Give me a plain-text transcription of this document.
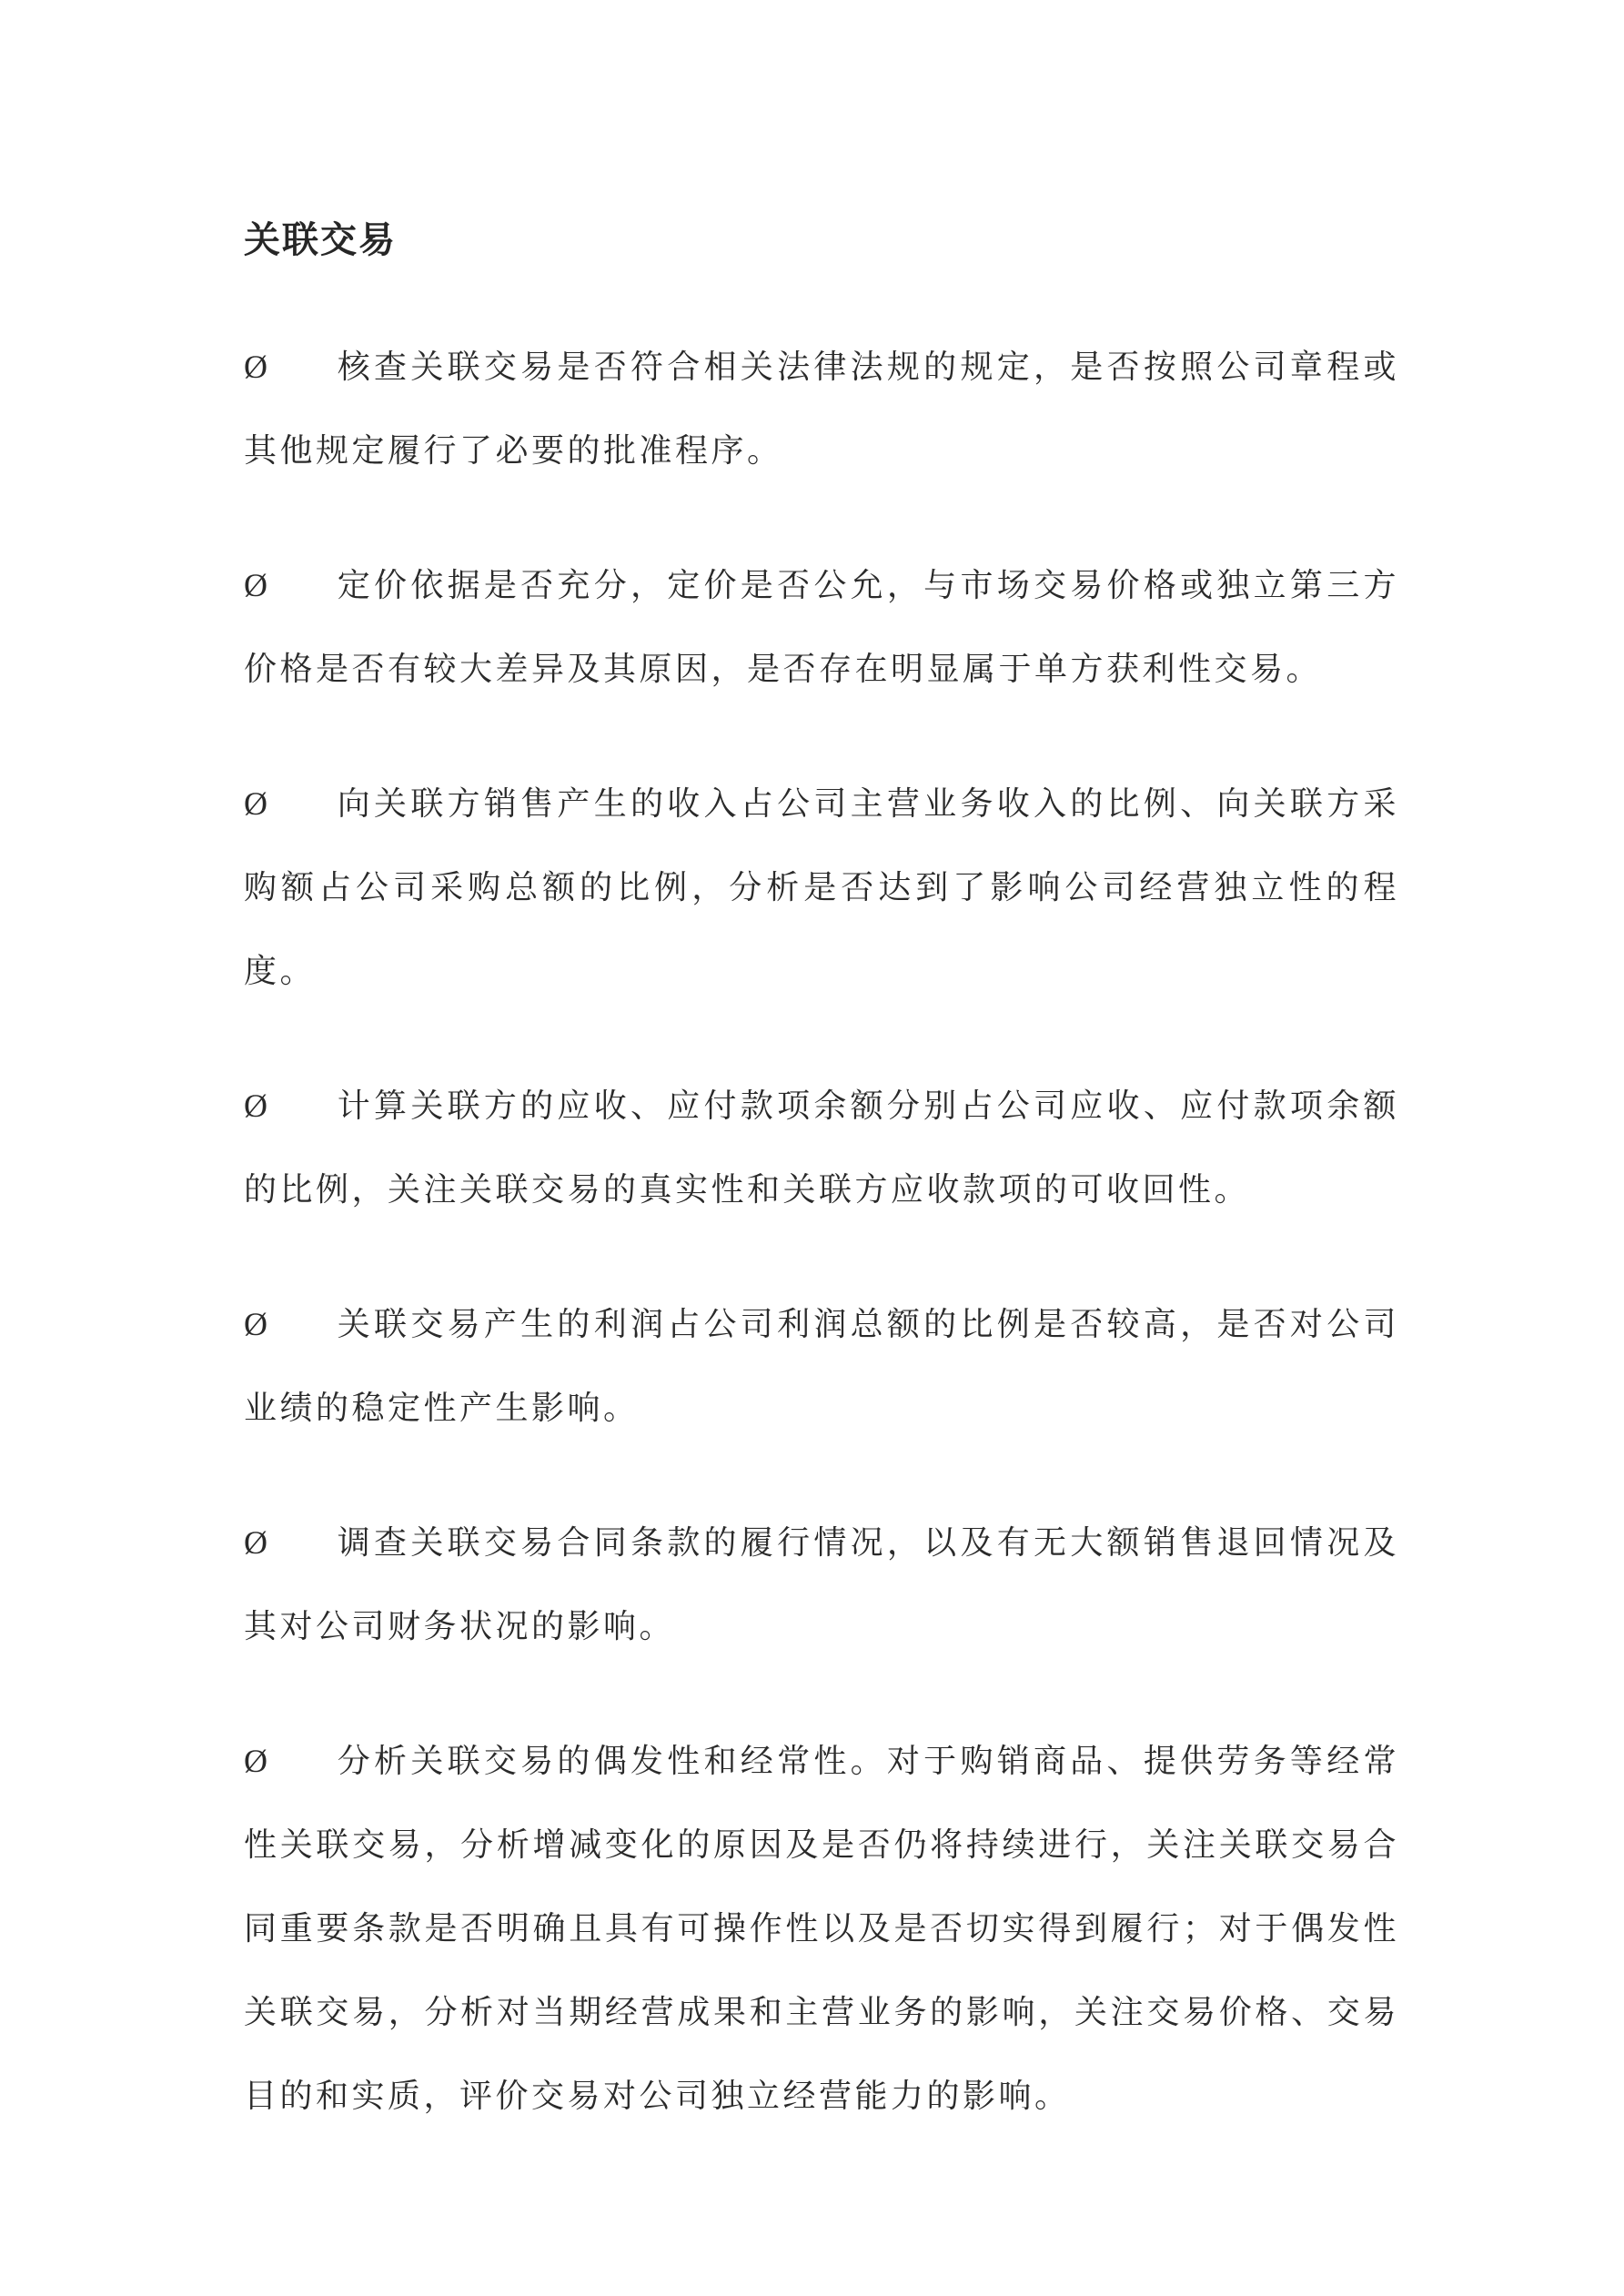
关联交易

Ø 核查关联交易是否符合相关法律法规的规定，是否按照公司章程或其他规定履行了必要的批准程序。

Ø 定价依据是否充分，定价是否公允，与市场交易价格或独立第三方价格是否有较大差异及其原因，是否存在明显属于单方获利性交易。

Ø 向关联方销售产生的收入占公司主营业务收入的比例、向关联方采购额占公司采购总额的比例，分析是否达到了影响公司经营独立性的程度。

Ø 计算关联方的应收、应付款项余额分别占公司应收、应付款项余额的比例，关注关联交易的真实性和关联方应收款项的可收回性。

Ø 关联交易产生的利润占公司利润总额的比例是否较高，是否对公司业绩的稳定性产生影响。

Ø 调查关联交易合同条款的履行情况，以及有无大额销售退回情况及其对公司财务状况的影响。

Ø 分析关联交易的偶发性和经常性。对于购销商品、提供劳务等经常性关联交易，分析增减变化的原因及是否仍将持续进行，关注关联交易合同重要条款是否明确且具有可操作性以及是否切实得到履行；对于偶发性关联交易，分析对当期经营成果和主营业务的影响，关注交易价格、交易目的和实质，评价交易对公司独立经营能力的影响。
